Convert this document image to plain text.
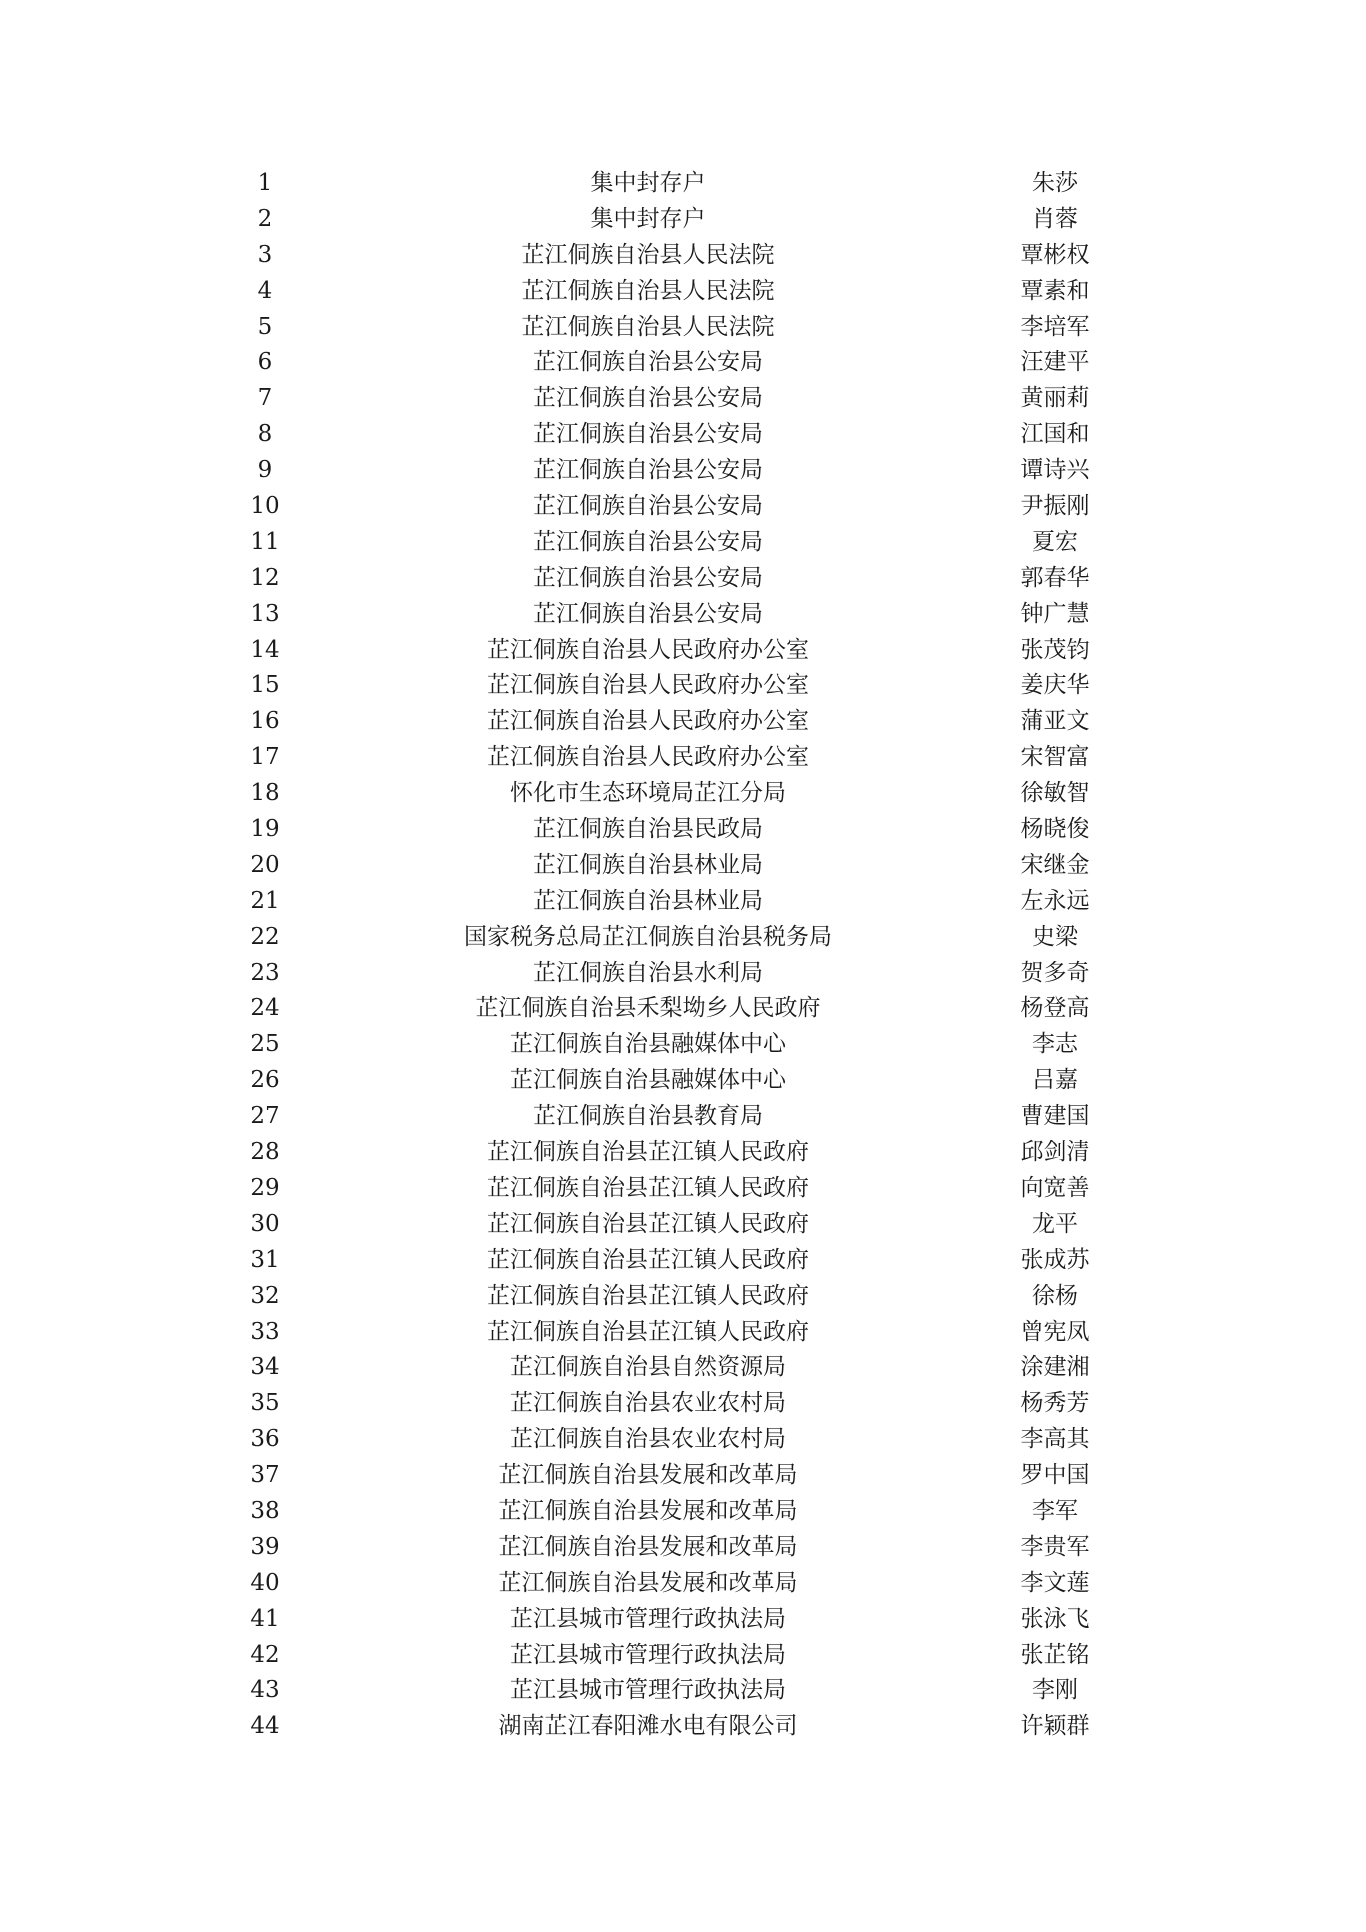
1	集中封存户	朱莎
2	集中封存户	肖蓉
3	芷江侗族自治县人民法院	覃彬权
4	芷江侗族自治县人民法院	覃素和
5	芷江侗族自治县人民法院	李培军
6	芷江侗族自治县公安局	汪建平
7	芷江侗族自治县公安局	黄丽莉
8	芷江侗族自治县公安局	江国和
9	芷江侗族自治县公安局	谭诗兴
10	芷江侗族自治县公安局	尹振刚
11	芷江侗族自治县公安局	夏宏
12	芷江侗族自治县公安局	郭春华
13	芷江侗族自治县公安局	钟广慧
14	芷江侗族自治县人民政府办公室	张茂钧
15	芷江侗族自治县人民政府办公室	姜庆华
16	芷江侗族自治县人民政府办公室	蒲亚文
17	芷江侗族自治县人民政府办公室	宋智富
18	怀化市生态环境局芷江分局	徐敏智
19	芷江侗族自治县民政局	杨晓俊
20	芷江侗族自治县林业局	宋继金
21	芷江侗族自治县林业局	左永远
22	国家税务总局芷江侗族自治县税务局	史梁
23	芷江侗族自治县水利局	贺多奇
24	芷江侗族自治县禾梨坳乡人民政府	杨登高
25	芷江侗族自治县融媒体中心	李志
26	芷江侗族自治县融媒体中心	吕嘉
27	芷江侗族自治县教育局	曹建国
28	芷江侗族自治县芷江镇人民政府	邱剑清
29	芷江侗族自治县芷江镇人民政府	向宽善
30	芷江侗族自治县芷江镇人民政府	龙平
31	芷江侗族自治县芷江镇人民政府	张成苏
32	芷江侗族自治县芷江镇人民政府	徐杨
33	芷江侗族自治县芷江镇人民政府	曾宪凤
34	芷江侗族自治县自然资源局	涂建湘
35	芷江侗族自治县农业农村局	杨秀芳
36	芷江侗族自治县农业农村局	李高其
37	芷江侗族自治县发展和改革局	罗中国
38	芷江侗族自治县发展和改革局	李军
39	芷江侗族自治县发展和改革局	李贵军
40	芷江侗族自治县发展和改革局	李文莲
41	芷江县城市管理行政执法局	张泳飞
42	芷江县城市管理行政执法局	张芷铭
43	芷江县城市管理行政执法局	李刚
44	湖南芷江春阳滩水电有限公司	许颖群
